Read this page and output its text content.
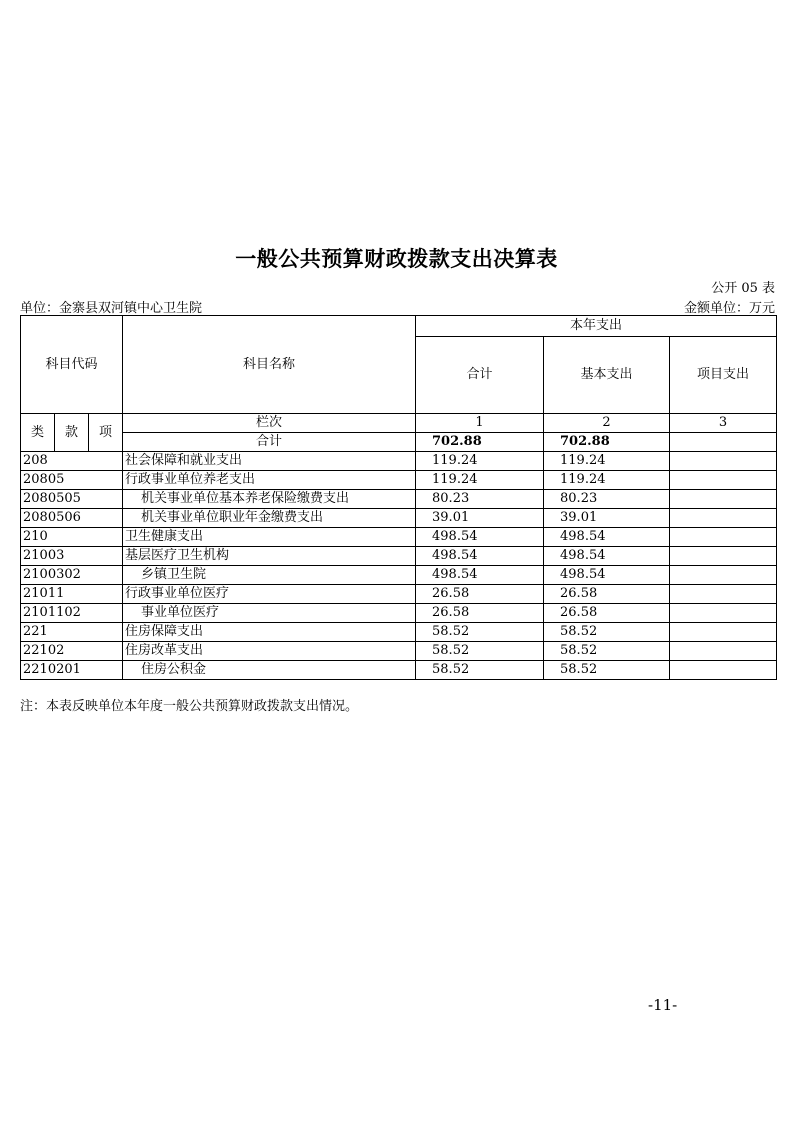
一般公共预算财政拨款支出决算表
公开 05 表
单位：金寨县双河镇中心卫生院	金额单位：万元
科目代码			科目名称	本年支出		
				合计	基本支出	项目支出

类	款	项	栏次	1	2	3
			合计	702.88	702.88	
208			社会保障和就业支出	119.24	119.24	
20805			行政事业单位养老支出	119.24	119.24	
2080505			机关事业单位基本养老保险缴费支出	80.23	80.23	
2080506			机关事业单位职业年金缴费支出	39.01	39.01	
210			卫生健康支出	498.54	498.54	
21003			基层医疗卫生机构	498.54	498.54	
2100302			乡镇卫生院	498.54	498.54	
21011			行政事业单位医疗	26.58	26.58	
2101102			事业单位医疗	26.58	26.58	
221			住房保障支出	58.52	58.52	
22102			住房改革支出	58.52	58.52	
2210201			住房公积金	58.52	58.52	
注：本表反映单位本年度一般公共预算财政拨款支出情况。
-11-
